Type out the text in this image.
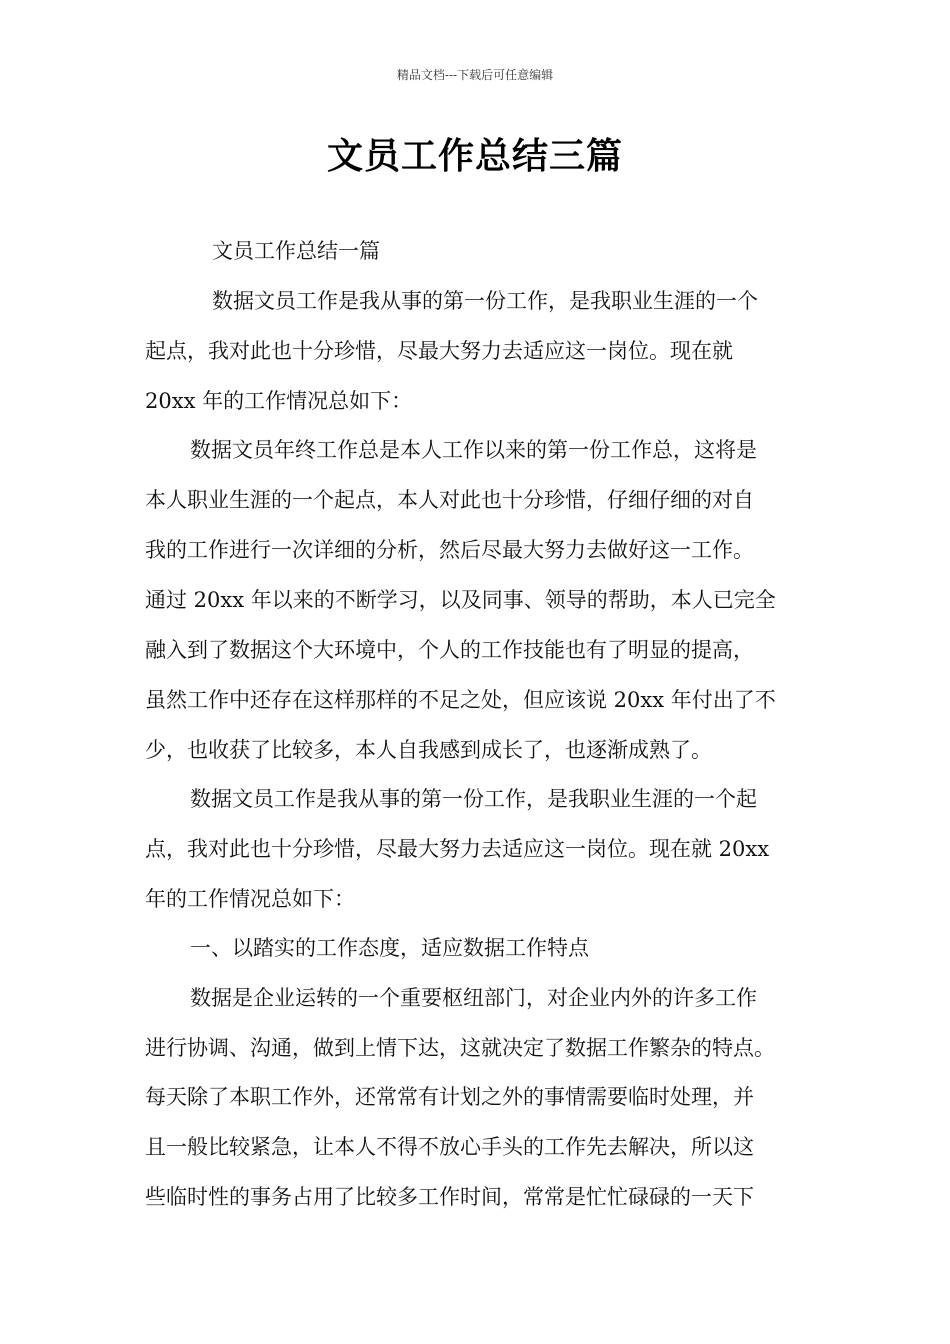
精品文档---下载后可任意编辑
文员工作总结三篇
文员工作总结一篇
数据文员工作是我从事的第一份工作，是我职业生涯的一个
起点，我对此也十分珍惜，尽最大努力去适应这一岗位。现在就
20xx 年的工作情况总如下：
数据文员年终工作总是本人工作以来的第一份工作总，这将是
本人职业生涯的一个起点，本人对此也十分珍惜，仔细仔细的对自
我的工作进行一次详细的分析，然后尽最大努力去做好这一工作。
通过 20xx 年以来的不断学习，以及同事、领导的帮助，本人已完全
融入到了数据这个大环境中，个人的工作技能也有了明显的提高，
虽然工作中还存在这样那样的不足之处，但应该说 20xx 年付出了不
少，也收获了比较多，本人自我感到成长了，也逐渐成熟了。
数据文员工作是我从事的第一份工作，是我职业生涯的一个起
点，我对此也十分珍惜，尽最大努力去适应这一岗位。现在就 20xx
年的工作情况总如下：
一、以踏实的工作态度，适应数据工作特点
数据是企业运转的一个重要枢纽部门，对企业内外的许多工作
进行协调、沟通，做到上情下达，这就决定了数据工作繁杂的特点。
每天除了本职工作外，还常常有计划之外的事情需要临时处理，并
且一般比较紧急，让本人不得不放心手头的工作先去解决，所以这
些临时性的事务占用了比较多工作时间，常常是忙忙碌碌的一天下
